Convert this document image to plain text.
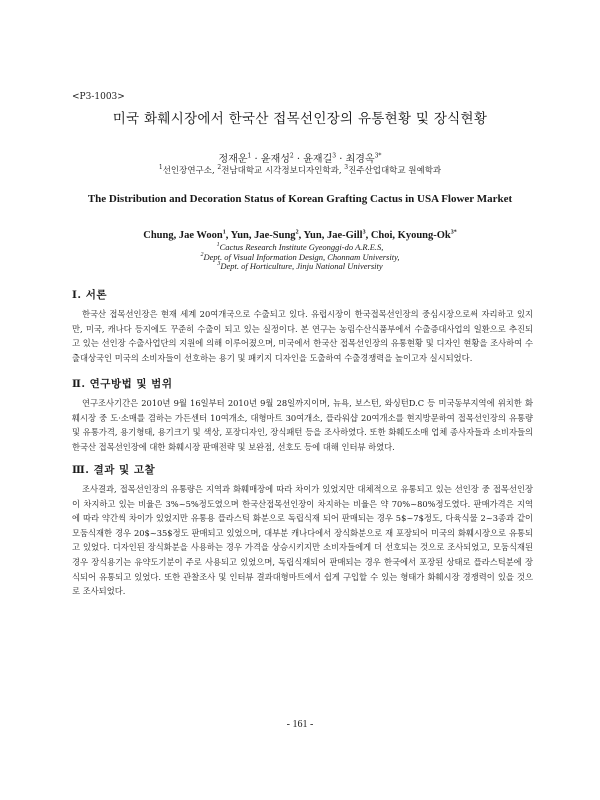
<P3-1003>
미국 화훼시장에서 한국산 접목선인장의 유통현황 및 장식현황
정재운$^1$ · 윤재성$^2$ · 윤재길$^3$ · 최경옥$^{3*}$
$^1$선인장연구소, $^2$전남대학교 시각정보디자인학과, $^3$진주산업대학교 원예학과
The Distribution and Decoration Status of Korean Grafting Cactus in USA Flower Market
Chung, Jae Woon$^1$, Yun, Jae-Sung$^2$, Yun, Jae-Gill$^3$, Choi, Kyoung-$Ok^{3*}$
$^1$Cactus Research Institute Gyeonggi-do A.R.E.S,
$^2$Dept. of Visual Information Design, Chonnam University,
$^3$Dept. of Horticulture, Jinju National University
Ⅰ. 서론

한국산 접목선인장은 현재 세계 20여개국으로 수출되고 있다. 유럽시장이 한국접목선인장의 중심시장으로써 자리하고 있지만, 미국, 캐나다 등지에도 꾸준히 수출이 되고 있는 실정이다. 본 연구는 농림수산식품부에서 수출증대사업의 일환으로 추진되고 있는 선인장 수출사업단의 지원에 의해 이루어졌으며, 미국에서 한국산 접목선인장의 유통현황 및 디자인 현황을 조사하여 수출대상국인 미국의 소비자들이 선호하는 용기 및 패키지 디자인을 도출하여 수출경쟁력을 높이고자 실시되었다.

Ⅱ. 연구방법 및 범위

연구조사기간은 2010년 9월 16일부터 2010년 9월 28일까지이며, 뉴욕, 보스턴, 와싱턴D.C 등 미국동부지역에 위치한 화훼시장 중 도·소매를 겸하는 가든센터 10여개소, 대형마트 30여개소, 플라워샵 20여개소를 현지방문하여 접목선인장의 유통량 및 유통가격, 용기형태, 용기크기 및 색상, 포장디자인, 장식패턴 등을 조사하였다. 또한 화훼도소매 업체 종사자들과 소비자들의 한국산 접목선인장에 대한 화훼시장 판매전략 및 보완점, 선호도 등에 대해 인터뷰 하였다.

Ⅲ. 결과 및 고찰

조사결과, 접목선인장의 유통량은 지역과 화훼매장에 따라 차이가 있었지만 대체적으로 유통되고 있는 선인장 중 접목선인장이 차지하고 있는 비율은 3%~5%정도였으며 한국산접목선인장이 차지하는 비율은 약 70%~80%정도였다. 판매가격은 지역에 따라 약간씩 차이가 있었지만 유통용 플라스틱 화분으로 독립식재 되어 판매되는 경우 5$~7$정도, 다육식물 2~3종과 같이 모둠식재한 경우 20$~35$정도 판매되고 있었으며, 대부분 캐나다에서 장식화분으로 재 포장되어 미국의 화훼시장으로 유통되고 있었다. 디자인된 장식화분을 사용하는 경우 가격을 상승시키지만 소비자들에게 더 선호되는 것으로 조사되었고, 모둠식재된 경우 장식용기는 유약도기분이 주로 사용되고 있었으며, 독립식재되어 판매되는 경우 한국에서 포장된 상태로 플라스틱분에 장식되어 유통되고 있었다. 또한 관찰조사 및 인터뷰 결과대형마트에서 쉽게 구입할 수 있는 형태가 화훼시장 경쟁력이 있을 것으로 조사되었다.

- 161 -
